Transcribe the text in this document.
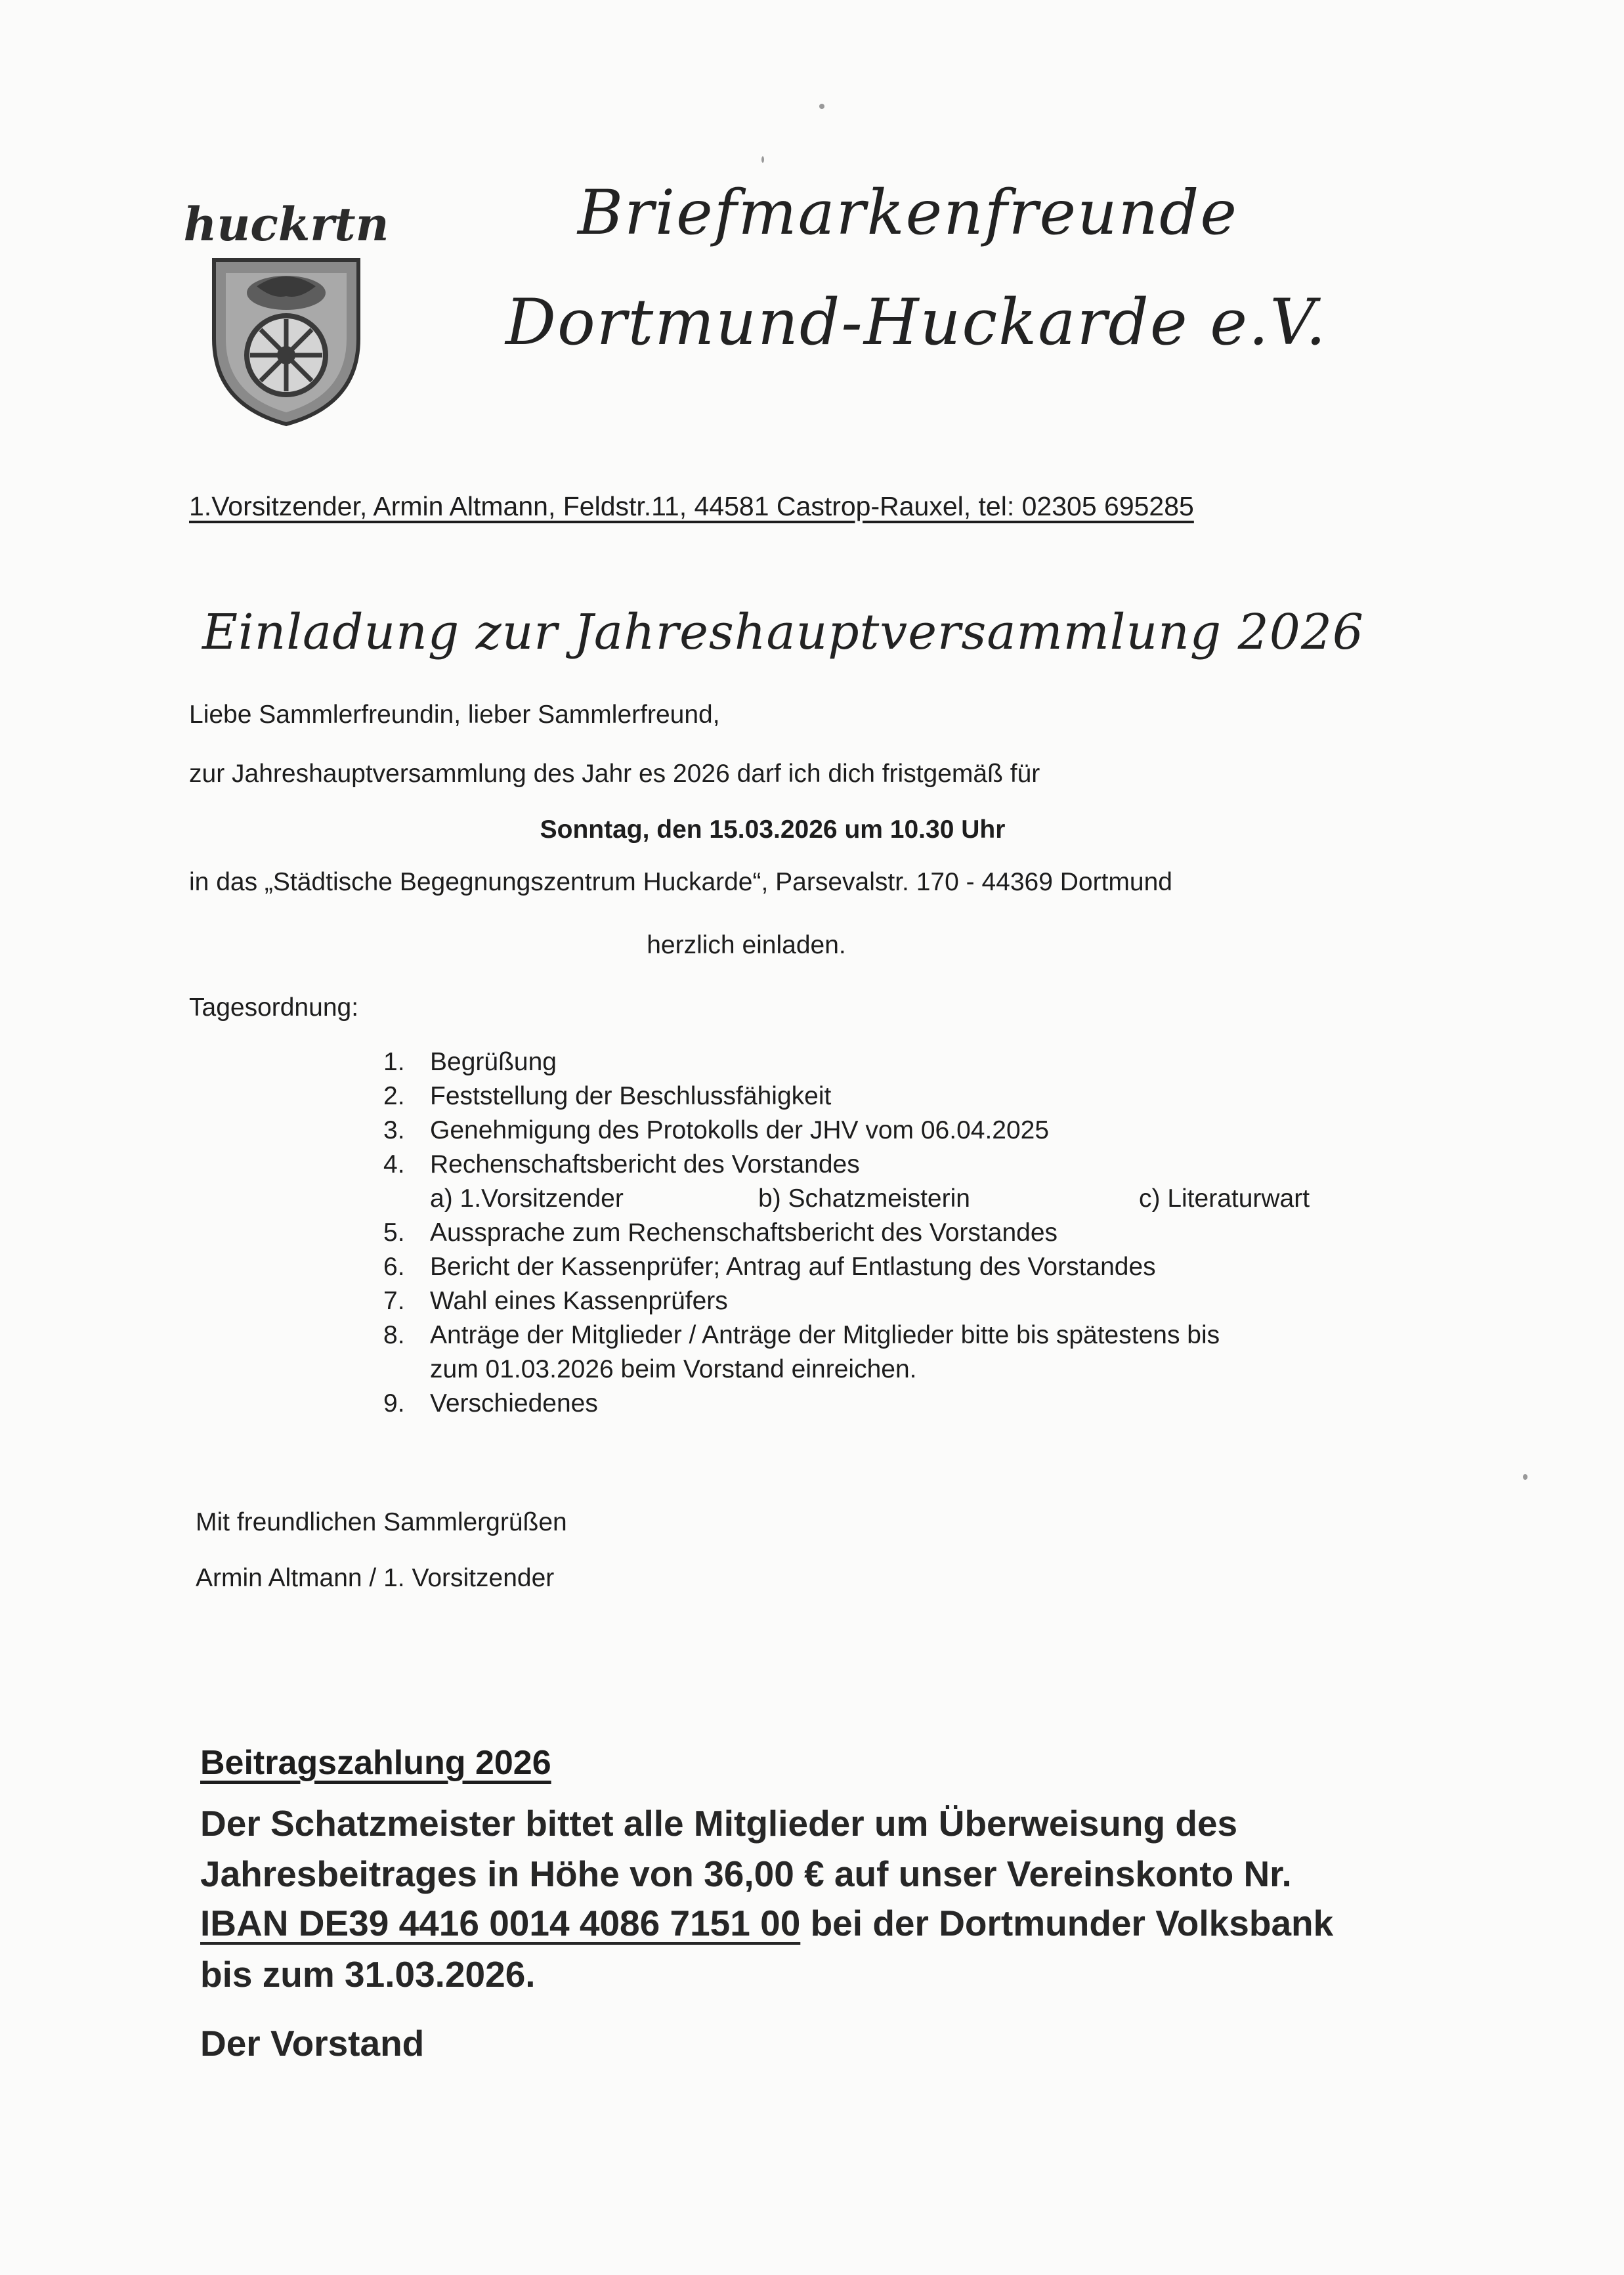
huckrtn	Briefmarkenfreunde
Dortmund-Huckarde e.V.
1.Vorsitzender, Armin Altmann, Feldstr.11, 44581 Castrop-Rauxel, tel: 02305 695285
Einladung zur Jahreshauptversammlung 2026
Liebe Sammlerfreundin, lieber Sammlerfreund,
zur Jahreshauptversammlung des Jahr es 2026 darf ich dich fristgemäß für
Sonntag, den 15.03.2026 um 10.30 Uhr
in das „Städtische Begegnungszentrum Huckarde“, Parsevalstr. 170 - 44369 Dortmund
herzlich einladen.
Tagesordnung:
1. Begrüßung
2. Feststellung der Beschlussfähigkeit
3. Genehmigung des Protokolls der JHV vom 06.04.2025
4. Rechenschaftsbericht des Vorstandes
a) 1.Vorsitzender	b) Schatzmeisterin	c) Literaturwart
5. Aussprache zum Rechenschaftsbericht des Vorstandes
6. Bericht der Kassenprüfer; Antrag auf Entlastung des Vorstandes
7. Wahl eines Kassenprüfers
8. Anträge der Mitglieder / Anträge der Mitglieder bitte bis spätestens bis
zum 01.03.2026 beim Vorstand einreichen.
9. Verschiedenes
Mit freundlichen Sammlergrüßen
Armin Altmann / 1. Vorsitzender
Beitragszahlung 2026
Der Schatzmeister bittet alle Mitglieder um Überweisung des
Jahresbeitrages in Höhe von 36,00 € auf unser Vereinskonto Nr.
IBAN DE39 4416 0014 4086 7151 00 bei der Dortmunder Volksbank
bis zum 31.03.2026.
Der Vorstand
